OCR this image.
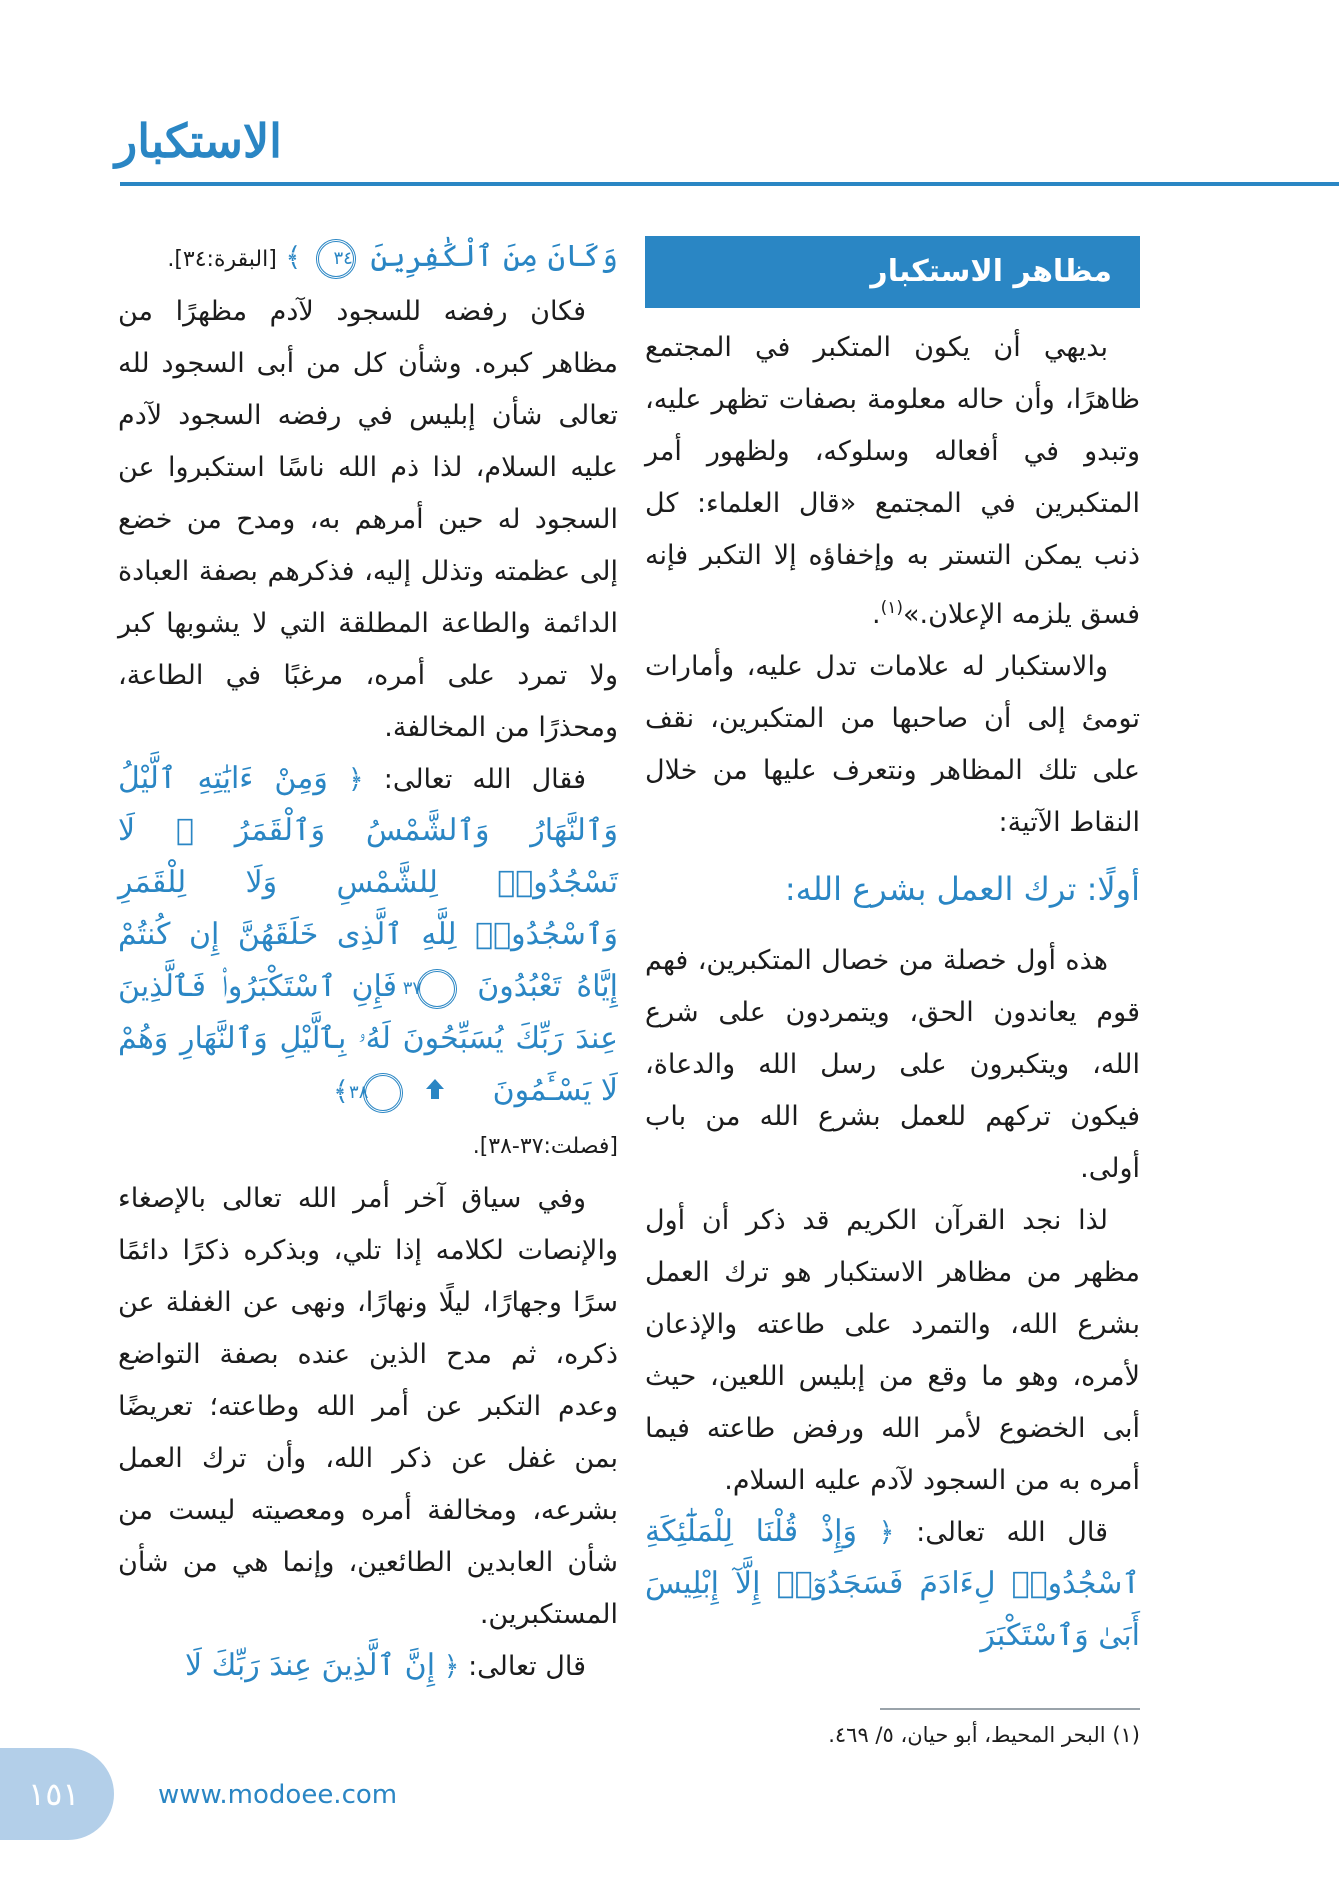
الاستكبار
مظاهر الاستكبار

بديهي أن يكون المتكبر في المجتمع ظاهرًا، وأن حاله معلومة بصفات تظهر عليه، وتبدو في أفعاله وسلوكه، ولظهور أمر المتكبرين في المجتمع «قال العلماء: كل ذنب يمكن التستر به وإخفاؤه إلا التكبر فإنه فسق يلزمه الإعلان.»$^{(١)}$.

والاستكبار له علامات تدل عليه، وأمارات تومئ إلى أن صاحبها من المتكبرين، نقف على تلك المظاهر ونتعرف عليها من خلال النقاط الآتية:

أولًا: ترك العمل بشرع الله:

هذه أول خصلة من خصال المتكبرين، فهم قوم يعاندون الحق، ويتمردون على شرع الله، ويتكبرون على رسل الله والدعاة، فيكون تركهم للعمل بشرع الله من باب أولى.

لذا نجد القرآن الكريم قد ذكر أن أول مظهر من مظاهر الاستكبار هو ترك العمل بشرع الله، والتمرد على طاعته والإذعان لأمره، وهو ما وقع من إبليس اللعين، حيث أبى الخضوع لأمر الله ورفض طاعته فيما أمره به من السجود لآدم عليه السلام.

قال الله تعالى: ﴿ وَإِذْ قُلْنَا لِلْمَلَٰٓئِكَةِ ٱسْجُدُوا۟ لِءَادَمَ فَسَجَدُوٓا۟ إِلَّآ إِبْلِيسَ أَبَىٰ وَٱسْتَكْبَرَ

وَكَانَ مِنَ ٱلْكَٰفِرِينَ ٣٤ ﴾ [البقرة:٣٤].

فكان رفضه للسجود لآدم مظهرًا من مظاهر كبره. وشأن كل من أبى السجود لله تعالى شأن إبليس في رفضه السجود لآدم عليه السلام، لذا ذم الله ناسًا استكبروا عن السجود له حين أمرهم به، ومدح من خضع إلى عظمته وتذلل إليه، فذكرهم بصفة العبادة الدائمة والطاعة المطلقة التي لا يشوبها كبر ولا تمرد على أمره، مرغبًا في الطاعة، ومحذرًا من المخالفة.

فقال الله تعالى: ﴿ وَمِنْ ءَايَٰتِهِ ٱلَّيْلُ وَٱلنَّهَارُ وَٱلشَّمْسُ وَٱلْقَمَرُ ۚ لَا تَسْجُدُوا۟ لِلشَّمْسِ وَلَا لِلْقَمَرِ وَٱسْجُدُوا۟ لِلَّهِ ٱلَّذِى خَلَقَهُنَّ إِن كُنتُمْ إِيَّاهُ تَعْبُدُونَ ٣٧ فَإِنِ ٱسْتَكْبَرُوا۟ فَٱلَّذِينَ عِندَ رَبِّكَ يُسَبِّحُونَ لَهُۥ بِٱلَّيْلِ وَٱلنَّهَارِ وَهُمْ لَا يَسْـَٔمُونَ  ٣٨ ﴾
[فصلت:٣٧-٣٨].

وفي سياق آخر أمر الله تعالى بالإصغاء والإنصات لكلامه إذا تلي، وبذكره ذكرًا دائمًا سرًا وجهارًا، ليلًا ونهارًا، ونهى عن الغفلة عن ذكره، ثم مدح الذين عنده بصفة التواضع وعدم التكبر عن أمر الله وطاعته؛ تعريضًا بمن غفل عن ذكر الله، وأن ترك العمل بشرعه، ومخالفة أمره ومعصيته ليست من شأن العابدين الطائعين، وإنما هي من شأن المستكبرين.

قال تعالى: ﴿ إِنَّ ٱلَّذِينَ عِندَ رَبِّكَ لَا

(١) البحر المحيط، أبو حيان، ٥/ ٤٦٩.

١٥١	www.modoee.com
